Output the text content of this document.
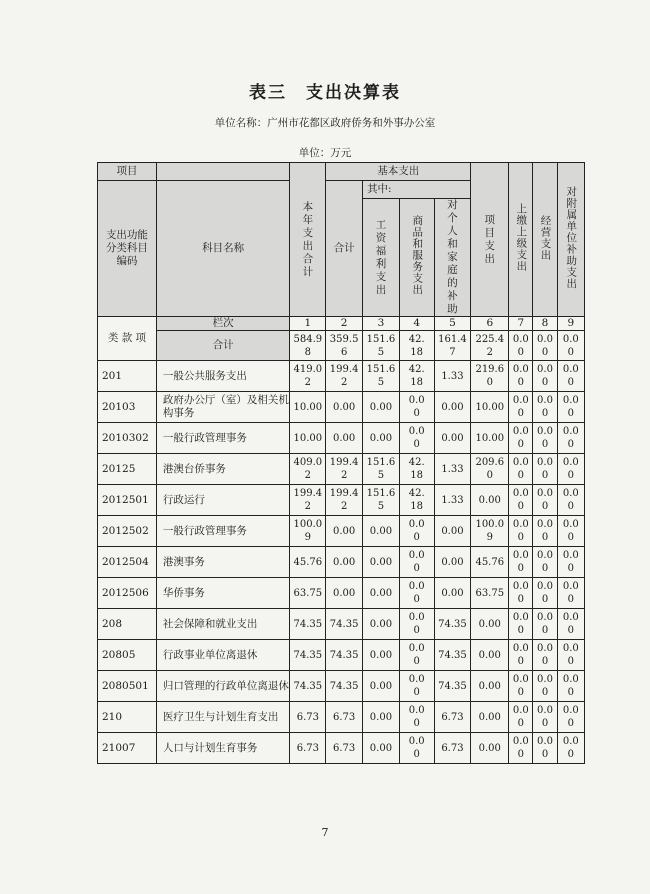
表三　支出决算表
单位名称：广州市花都区政府侨务和外事办公室
单位：万元
项目		本年支出合计	基本支出				项目支出	上缴上级支出	经营支出	对附属单位补助支出
支出功能分类科目编码	科目名称		合计	其中:						
				工资福利支出	商品和服务支出	对个人和家庭的补助				

类 款 项	栏次	1	2	3	4	5	6	7	8	9
	合计	584.98	359.56	151.65	42.18	161.47	225.42	0.00	0.00	0.00
201	一般公共服务支出	419.02	199.42	151.65	42.18	1.33	219.60	0.00	0.00	0.00
20103	政府办公厅（室）及相关机构事务	10.00	0.00	0.00	0.00	0.00	10.00	0.00	0.00	0.00
2010302	一般行政管理事务	10.00	0.00	0.00	0.00	0.00	10.00	0.00	0.00	0.00
20125	港澳台侨事务	409.02	199.42	151.65	42.18	1.33	209.60	0.00	0.00	0.00
2012501	行政运行	199.42	199.42	151.65	42.18	1.33	0.00	0.00	0.00	0.00
2012502	一般行政管理事务	100.09	0.00	0.00	0.00	0.00	100.09	0.00	0.00	0.00
2012504	港澳事务	45.76	0.00	0.00	0.00	0.00	45.76	0.00	0.00	0.00
2012506	华侨事务	63.75	0.00	0.00	0.00	0.00	63.75	0.00	0.00	0.00
208	社会保障和就业支出	74.35	74.35	0.00	0.00	74.35	0.00	0.00	0.00	0.00
20805	行政事业单位离退休	74.35	74.35	0.00	0.00	74.35	0.00	0.00	0.00	0.00
2080501	归口管理的行政单位离退休	74.35	74.35	0.00	0.00	74.35	0.00	0.00	0.00	0.00
210	医疗卫生与计划生育支出	6.73	6.73	0.00	0.00	6.73	0.00	0.00	0.00	0.00
21007	人口与计划生育事务	6.73	6.73	0.00	0.00	6.73	0.00	0.00	0.00	0.00
7
